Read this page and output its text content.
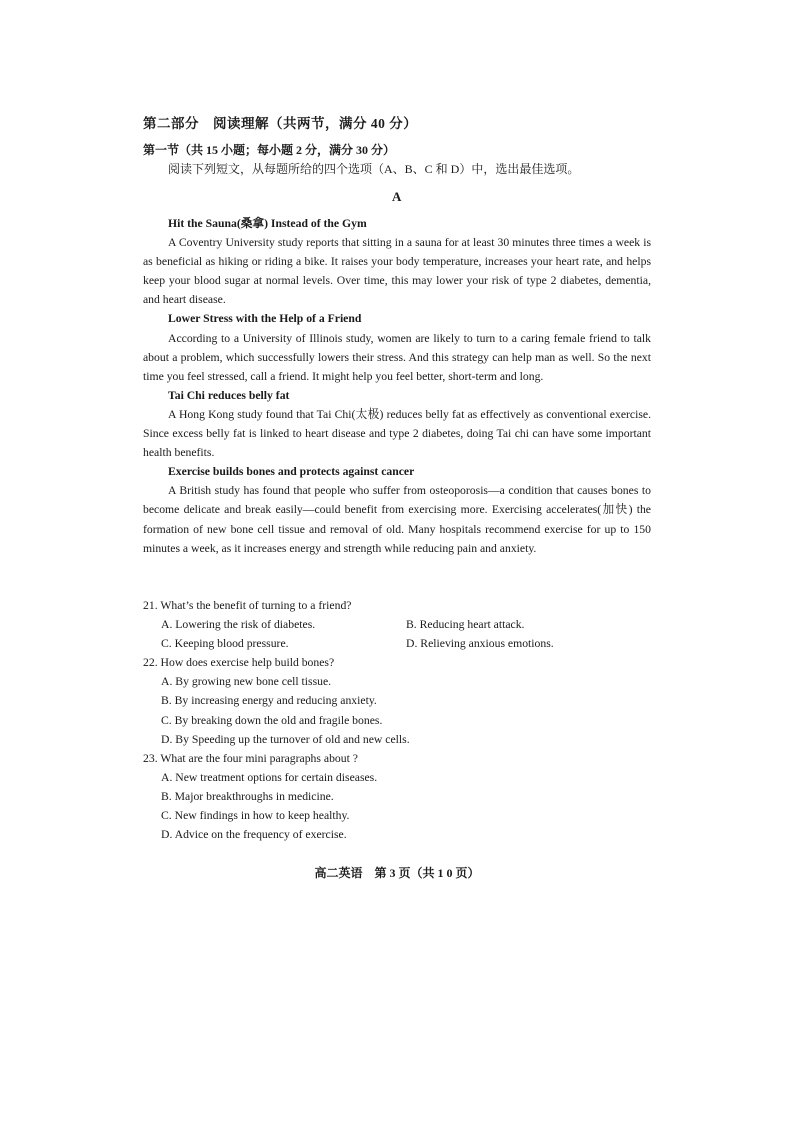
第二部分　阅读理解（共两节，满分 40 分）
第一节（共 15 小题；每小题 2 分，满分 30 分）
阅读下列短文，从每题所给的四个选项（A、B、C 和 D）中，选出最佳选项。
A

Hit the Sauna(桑拿) Instead of the Gym

A Coventry University study reports that sitting in a sauna for at least 30 minutes three times a week is as beneficial as hiking or riding a bike. It raises your body temperature, increases your heart rate, and helps keep your blood sugar at normal levels. Over time, this may lower your risk of type 2 diabetes, dementia, and heart disease.

Lower Stress with the Help of a Friend

According to a University of Illinois study, women are likely to turn to a caring female friend to talk about a problem, which successfully lowers their stress. And this strategy can help man as well. So the next time you feel stressed, call a friend. It might help you feel better, short-term and long.

Tai Chi reduces belly fat

A Hong Kong study found that Tai Chi(太极) reduces belly fat as effectively as conventional exercise. Since excess belly fat is linked to heart disease and type 2 diabetes, doing Tai chi can have some important health benefits.

Exercise builds bones and protects against cancer

A British study has found that people who suffer from osteoporosis—a condition that causes bones to become delicate and break easily—could benefit from exercising more. Exercising accelerates(加快) the formation of new bone cell tissue and removal of old. Many hospitals recommend exercise for up to 150 minutes a week, as it increases energy and strength while reducing pain and anxiety.

21. What’s the benefit of turning to a friend?

A. Lowering the risk of diabetes.	B. Reducing heart attack.
C. Keeping blood pressure.	D. Relieving anxious emotions.

22. How does exercise help build bones?

A. By growing new bone cell tissue.

B. By increasing energy and reducing anxiety.

C. By breaking down the old and fragile bones.

D. By Speeding up the turnover of old and new cells.

23. What are the four mini paragraphs about ?

A. New treatment options for certain diseases.

B. Major breakthroughs in medicine.

C. New findings in how to keep healthy.

D. Advice on the frequency of exercise.

高二英语　第 3 页（共 1 0 页）
